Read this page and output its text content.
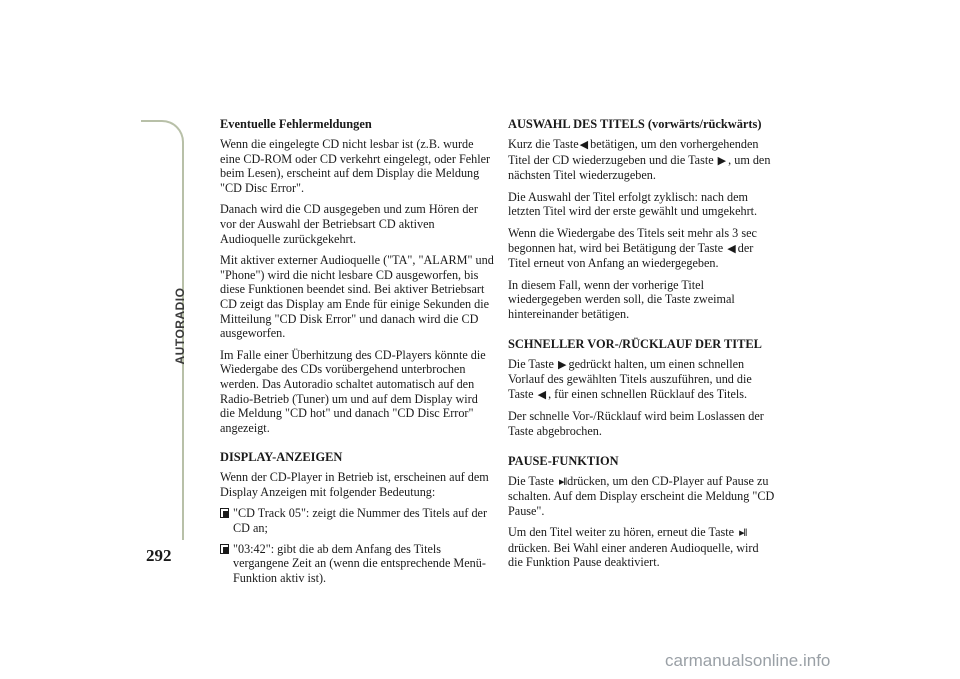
AUTORADIO
292
Eventuelle Fehlermeldungen

Wenn die eingelegte CD nicht lesbar ist (z.B. wurde eine CD-ROM oder CD verkehrt eingelegt, oder Fehler beim Lesen), erscheint auf dem Display die Meldung "CD Disc Error".

Danach wird die CD ausgegeben und zum Hören der vor der Auswahl der Betriebsart CD aktiven Audioquelle zurückgekehrt.

Mit aktiver externer Audioquelle ("TA", "ALARM" und "Phone") wird die nicht lesbare CD ausgeworfen, bis diese Funktionen beendet sind. Bei aktiver Betriebsart CD zeigt das Display am Ende für einige Sekunden die Mitteilung "CD Disk Error" und danach wird die CD ausgeworfen.

Im Falle einer Überhitzung des CD-Players könnte die Wiedergabe des CDs vorübergehend unterbrochen werden. Das Autoradio schaltet automatisch auf den Radio-Betrieb (Tuner) um und auf dem Display wird die Meldung "CD hot" und danach "CD Disc Error" angezeigt.

DISPLAY-ANZEIGEN

Wenn der CD-Player in Betrieb ist, erscheinen auf dem Display Anzeigen mit folgender Bedeutung:

"CD Track 05": zeigt die Nummer des Titels auf der CD an;
"03:42": gibt die ab dem Anfang des Titels vergangene Zeit an (wenn die entsprechende Menü-Funktion aktiv ist).
AUSWAHL DES TITELS (vorwärts/rückwärts)

Kurz die Taste◀ betätigen, um den vorhergehenden Titel der CD wiederzugeben und die Taste ▶ , um den nächsten Titel wiederzugeben.

Die Auswahl der Titel erfolgt zyklisch: nach dem letzten Titel wird der erste gewählt und umgekehrt.

Wenn die Wiedergabe des Titels seit mehr als 3 sec begonnen hat, wird bei Betätigung der Taste ◀ der Titel erneut von Anfang an wiedergegeben.

In diesem Fall, wenn der vorherige Titel wiedergegeben werden soll, die Taste zweimal hintereinander betätigen.

SCHNELLER VOR-/RÜCKLAUF DER TITEL

Die Taste ▶ gedrückt halten, um einen schnellen Vorlauf des gewählten Titels auszuführen, und die Taste ◀ , für einen schnellen Rücklauf des Titels.

Der schnelle Vor-/Rücklauf wird beim Loslassen der Taste abgebrochen.

PAUSE-FUNKTION

Die Taste ▸‖drücken, um den CD-Player auf Pause zu schalten. Auf dem Display erscheint die Meldung "CD Pause".

Um den Titel weiter zu hören, erneut die Taste ▸‖drücken. Bei Wahl einer anderen Audioquelle, wird die Funktion Pause deaktiviert.

carmanualsonline.info
